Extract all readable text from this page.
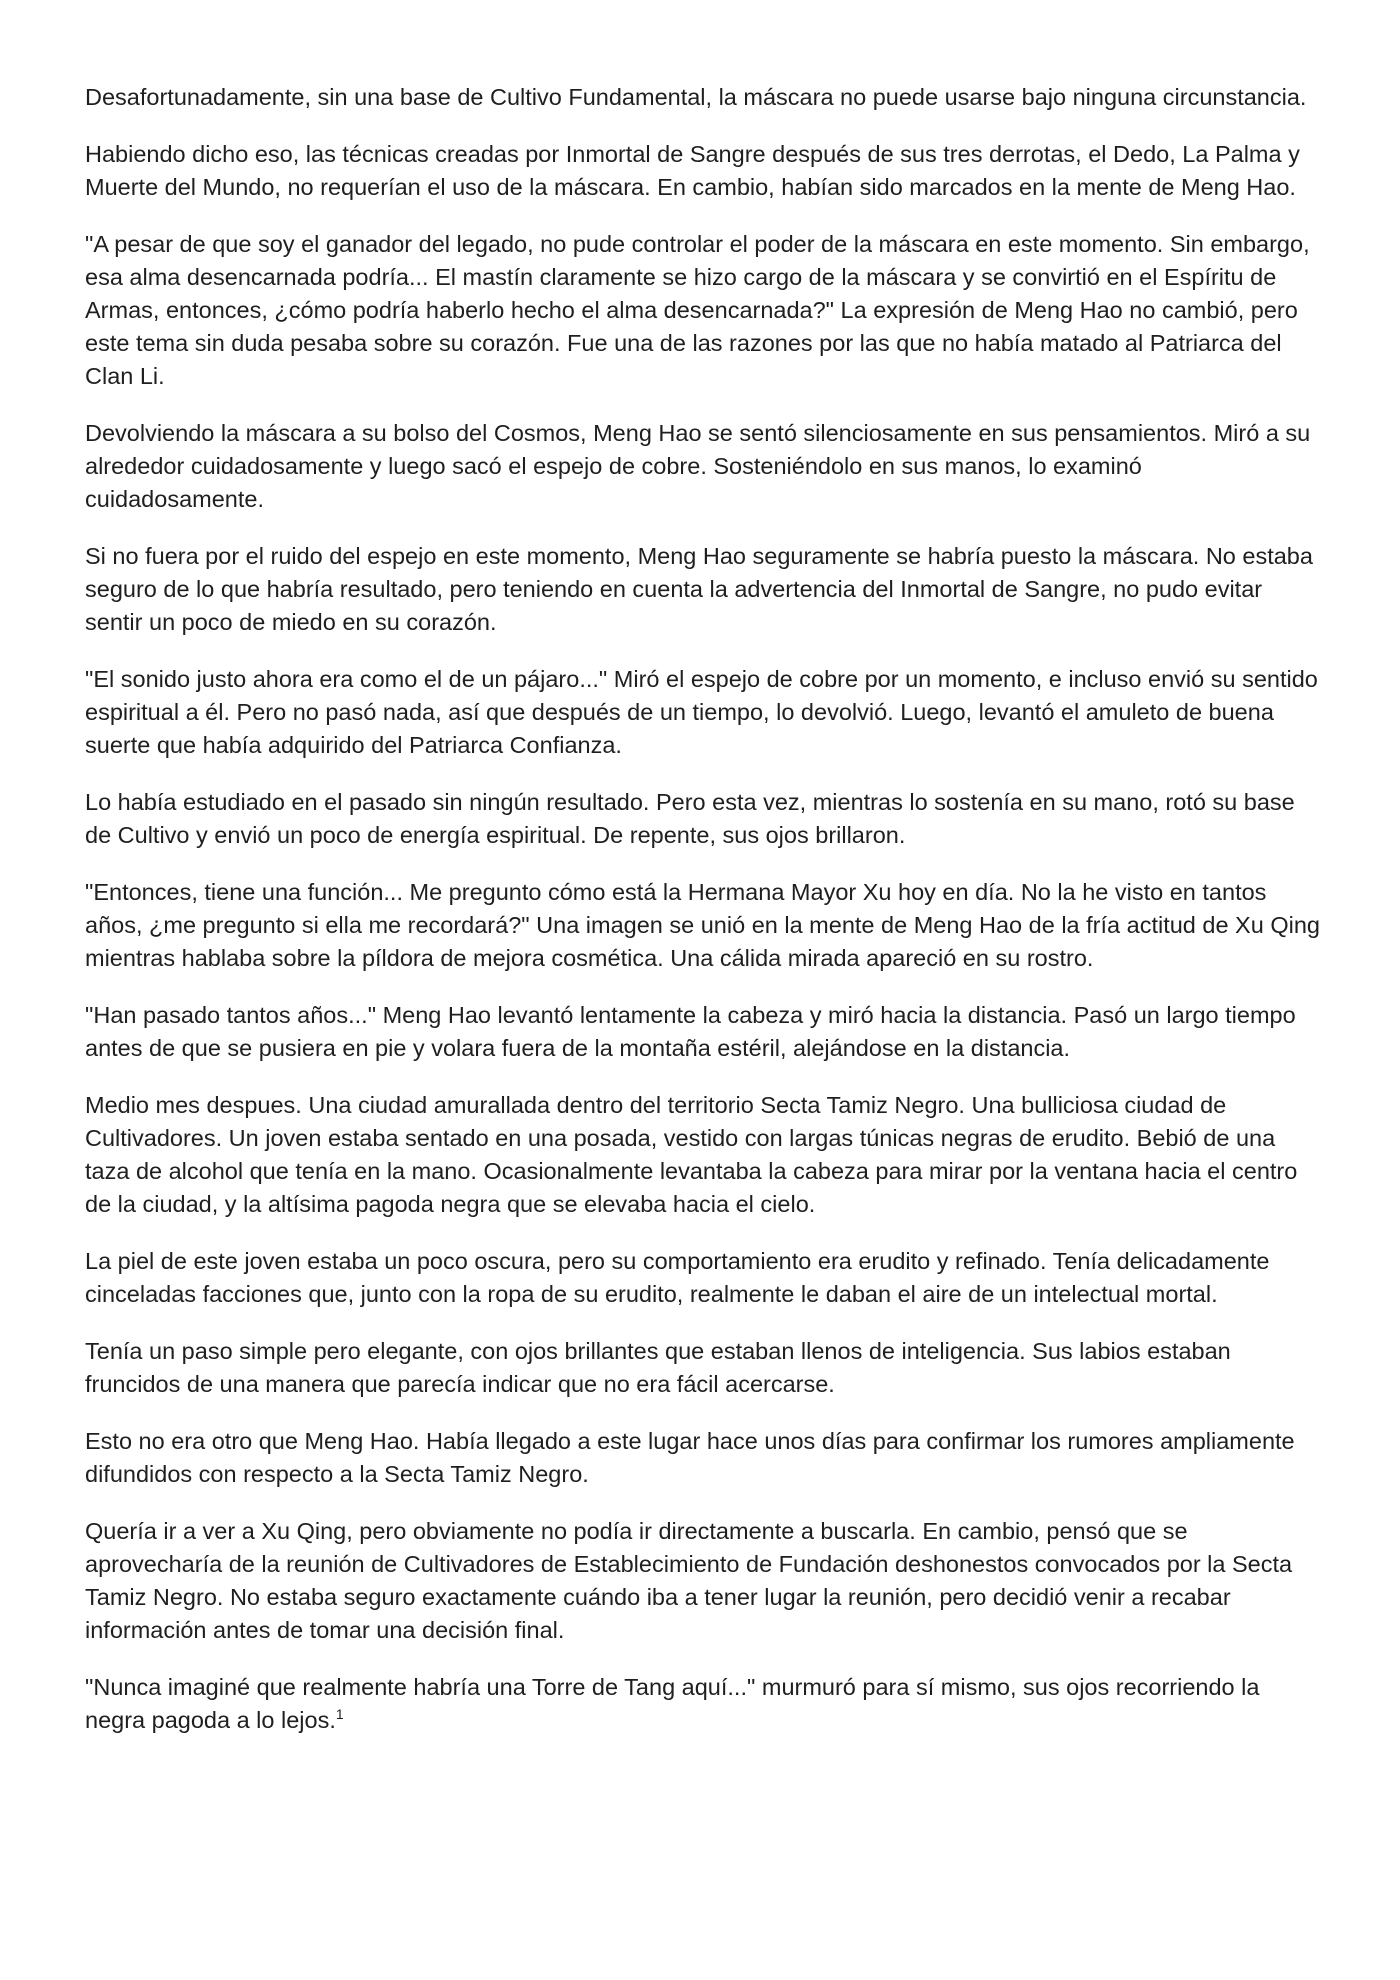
Desafortunadamente, sin una base de Cultivo Fundamental, la máscara no puede usarse bajo ninguna circunstancia.

Habiendo dicho eso, las técnicas creadas por Inmortal de Sangre después de sus tres derrotas, el Dedo, La Palma y Muerte del Mundo, no requerían el uso de la máscara. En cambio, habían sido marcados en la mente de Meng Hao.

"A pesar de que soy el ganador del legado, no pude controlar el poder de la máscara en este momento. Sin embargo, esa alma desencarnada podría... El mastín claramente se hizo cargo de la máscara y se convirtió en el Espíritu de Armas, entonces, ¿cómo podría haberlo hecho el alma desencarnada?" La expresión de Meng Hao no cambió, pero este tema sin duda pesaba sobre su corazón. Fue una de las razones por las que no había matado al Patriarca del Clan Li.

Devolviendo la máscara a su bolso del Cosmos, Meng Hao se sentó silenciosamente en sus pensamientos. Miró a su alrededor cuidadosamente y luego sacó el espejo de cobre. Sosteniéndolo en sus manos, lo examinó cuidadosamente.

Si no fuera por el ruido del espejo en este momento, Meng Hao seguramente se habría puesto la máscara. No estaba seguro de lo que habría resultado, pero teniendo en cuenta la advertencia del Inmortal de Sangre, no pudo evitar sentir un poco de miedo en su corazón.

"El sonido justo ahora era como el de un pájaro..." Miró el espejo de cobre por un momento, e incluso envió su sentido espiritual a él. Pero no pasó nada, así que después de un tiempo, lo devolvió. Luego, levantó el amuleto de buena suerte que había adquirido del Patriarca Confianza.

Lo había estudiado en el pasado sin ningún resultado. Pero esta vez, mientras lo sostenía en su mano, rotó su base de Cultivo y envió un poco de energía espiritual. De repente, sus ojos brillaron.

"Entonces, tiene una función... Me pregunto cómo está la Hermana Mayor Xu hoy en día. No la he visto en tantos años, ¿me pregunto si ella me recordará?" Una imagen se unió en la mente de Meng Hao de la fría actitud de Xu Qing mientras hablaba sobre la píldora de mejora cosmética. Una cálida mirada apareció en su rostro.

"Han pasado tantos años..." Meng Hao levantó lentamente la cabeza y miró hacia la distancia. Pasó un largo tiempo antes de que se pusiera en pie y volara fuera de la montaña estéril, alejándose en la distancia.

Medio mes despues. Una ciudad amurallada dentro del territorio Secta Tamiz Negro. Una bulliciosa ciudad de Cultivadores. Un joven estaba sentado en una posada, vestido con largas túnicas negras de erudito. Bebió de una taza de alcohol que tenía en la mano. Ocasionalmente levantaba la cabeza para mirar por la ventana hacia el centro de la ciudad, y la altísima pagoda negra que se elevaba hacia el cielo.

La piel de este joven estaba un poco oscura, pero su comportamiento era erudito y refinado. Tenía delicadamente cinceladas facciones que, junto con la ropa de su erudito, realmente le daban el aire de un intelectual mortal.

Tenía un paso simple pero elegante, con ojos brillantes que estaban llenos de inteligencia. Sus labios estaban fruncidos de una manera que parecía indicar que no era fácil acercarse.

Esto no era otro que Meng Hao. Había llegado a este lugar hace unos días para confirmar los rumores ampliamente difundidos con respecto a la Secta Tamiz Negro.

Quería ir a ver a Xu Qing, pero obviamente no podía ir directamente a buscarla. En cambio, pensó que se aprovecharía de la reunión de Cultivadores de Establecimiento de Fundación deshonestos convocados por la Secta Tamiz Negro. No estaba seguro exactamente cuándo iba a tener lugar la reunión, pero decidió venir a recabar información antes de tomar una decisión final.

"Nunca imaginé que realmente habría una Torre de Tang aquí..." murmuró para sí mismo, sus ojos recorriendo la negra pagoda a lo lejos.$^1$
